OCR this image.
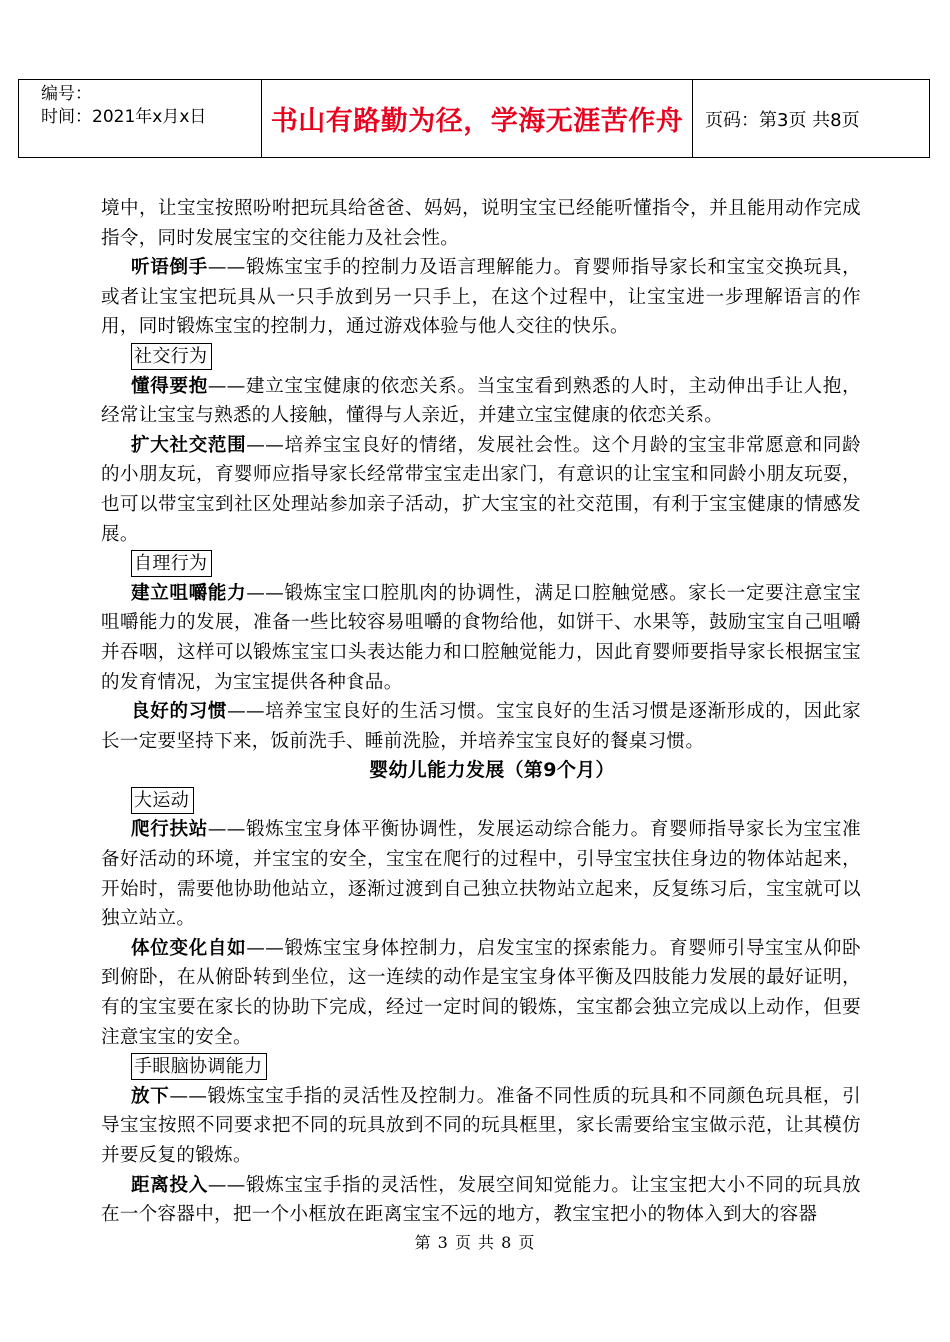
编号：
时间：2021年x月x日	书山有路勤为径，学海无涯苦作舟	页码：第3页 共8页

境中，让宝宝按照吩咐把玩具给爸爸、妈妈，说明宝宝已经能听懂指令，并且能用动作完成指令，同时发展宝宝的交往能力及社会性。

听语倒手——锻炼宝宝手的控制力及语言理解能力。育婴师指导家长和宝宝交换玩具，或者让宝宝把玩具从一只手放到另一只手上，在这个过程中，让宝宝进一步理解语言的作用，同时锻炼宝宝的控制力，通过游戏体验与他人交往的快乐。

社交行为

懂得要抱——建立宝宝健康的依恋关系。当宝宝看到熟悉的人时，主动伸出手让人抱，经常让宝宝与熟悉的人接触，懂得与人亲近，并建立宝宝健康的依恋关系。

扩大社交范围——培养宝宝良好的情绪，发展社会性。这个月龄的宝宝非常愿意和同龄的小朋友玩，育婴师应指导家长经常带宝宝走出家门，有意识的让宝宝和同龄小朋友玩耍，也可以带宝宝到社区处理站参加亲子活动，扩大宝宝的社交范围，有利于宝宝健康的情感发展。

自理行为

建立咀嚼能力——锻炼宝宝口腔肌肉的协调性，满足口腔触觉感。家长一定要注意宝宝咀嚼能力的发展，准备一些比较容易咀嚼的食物给他，如饼干、水果等，鼓励宝宝自己咀嚼并吞咽，这样可以锻炼宝宝口头表达能力和口腔触觉能力，因此育婴师要指导家长根据宝宝的发育情况，为宝宝提供各种食品。

良好的习惯——培养宝宝良好的生活习惯。宝宝良好的生活习惯是逐渐形成的，因此家长一定要坚持下来，饭前洗手、睡前洗脸，并培养宝宝良好的餐桌习惯。

婴幼儿能力发展（第9个月）
大运动

爬行扶站——锻炼宝宝身体平衡协调性，发展运动综合能力。育婴师指导家长为宝宝准备好活动的环境，并宝宝的安全，宝宝在爬行的过程中，引导宝宝扶住身边的物体站起来，开始时，需要他协助他站立，逐渐过渡到自己独立扶物站立起来，反复练习后，宝宝就可以独立站立。

体位变化自如——锻炼宝宝身体控制力，启发宝宝的探索能力。育婴师引导宝宝从仰卧到俯卧，在从俯卧转到坐位，这一连续的动作是宝宝身体平衡及四肢能力发展的最好证明，有的宝宝要在家长的协助下完成，经过一定时间的锻炼，宝宝都会独立完成以上动作，但要注意宝宝的安全。

手眼脑协调能力

放下——锻炼宝宝手指的灵活性及控制力。准备不同性质的玩具和不同颜色玩具框，引导宝宝按照不同要求把不同的玩具放到不同的玩具框里，家长需要给宝宝做示范，让其模仿并要反复的锻炼。

距离投入——锻炼宝宝手指的灵活性，发展空间知觉能力。让宝宝把大小不同的玩具放在一个容器中，把一个小框放在距离宝宝不远的地方，教宝宝把小的物体入到大的容器

第 3 页 共 8 页
